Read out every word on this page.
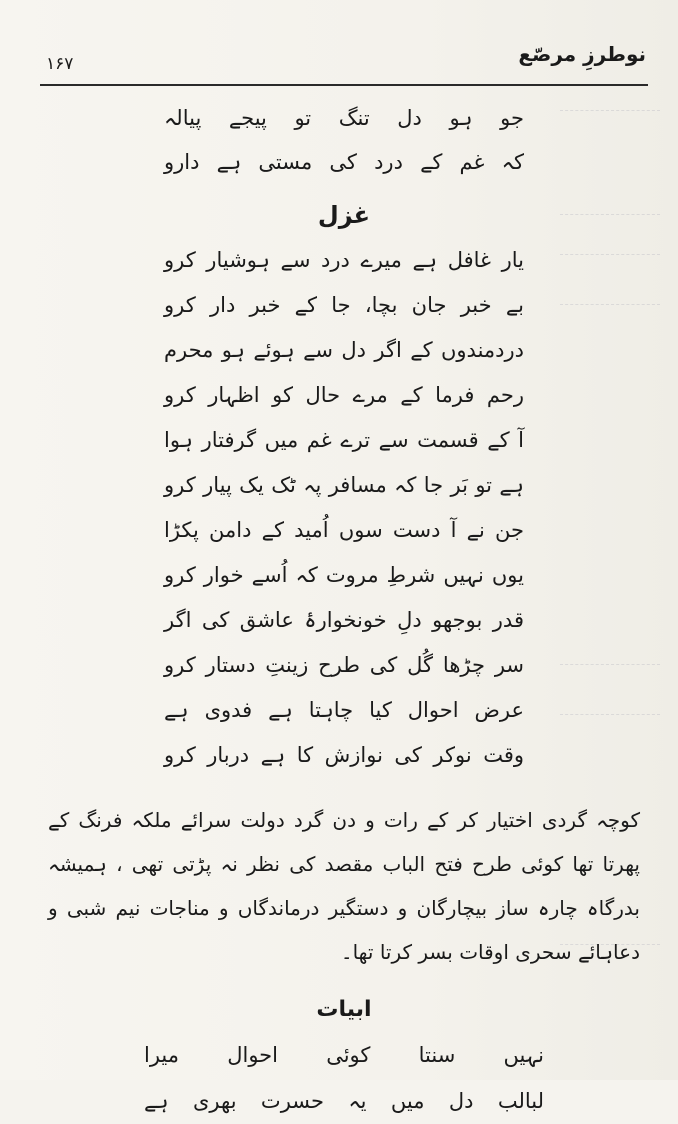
۱۶۷	نوطرزِ مرصّع
جو ہو دل تنگ تو پیجے پیالہ
کہ غم کے درد کی مستی ہے دارو
غزل
یار غافل ہے میرے درد سے ہوشیار کرو
بے خبر جان بچا، جا کے خبر دار کرو
دردمندوں کے اگر دل سے ہوئے ہو محرم
رحم فرما کے مرے حال کو اظہار کرو
آ کے قسمت سے ترے غم میں گرفتار ہوا
ہے تو بَر جا کہ مسافر پہ ٹک یک پیار کرو
جن نے آ دست سوں اُمید کے دامن پکڑا
یوں نہیں شرطِ مروت کہ اُسے خوار کرو
قدر بوجھو دلِ خونخوارۂ عاشق کی اگر
سر چڑھا گُل کی طرح زینتِ دستار کرو
عرض احوال کیا چاہتا ہے فدوی ہے
وقت نوکر کی نوازش کا ہے دربار کرو

کوچہ گردی اختیار کر کے رات و دن گرد دولت سرائے ملکہ فرنگ کے پھرتا تھا کوئی طرح فتح الباب مقصد کی نظر نہ پڑتی تھی ، ہمیشہ بدرگاہ چارہ ساز بیچارگان و دستگیر درماندگاں و مناجات نیم شبی و دعاہائے سحری اوقات بسر کرتا تھا۔

ابیات
نہیں سنتا کوئی احوال میرا
لبالب دل میں یہ حسرت بھری ہے
